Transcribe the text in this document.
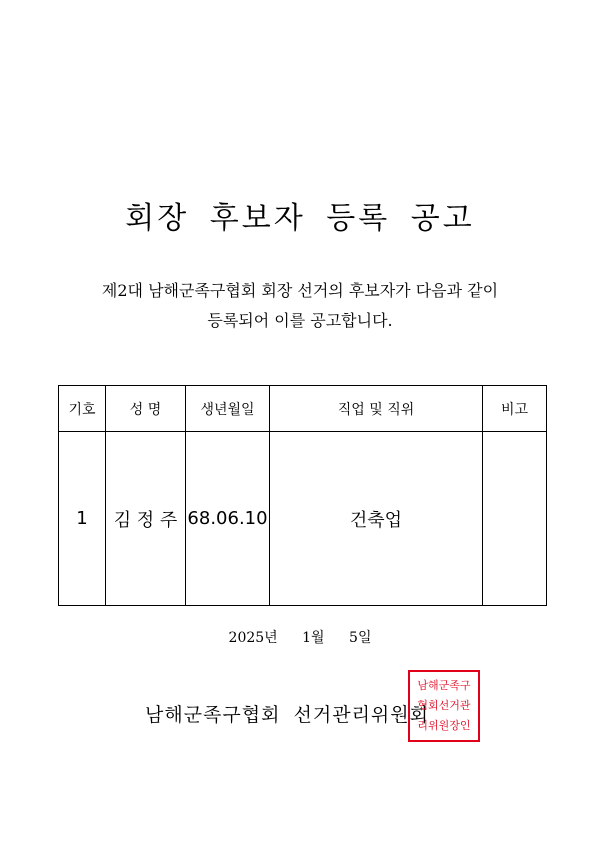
회장 후보자 등록 공고
제2대 남해군족구협회 회장 선거의 후보자가 다음과 같이
등록되어 이를 공고합니다.
기호	성 명	생년월일	직업 및 직위	비고
1	김 정 주	68.06.10	건축업	
2025년 1월 5일
남해군족구협회 선거관리위원회
남해군족구
협회선거관
리위원장인
